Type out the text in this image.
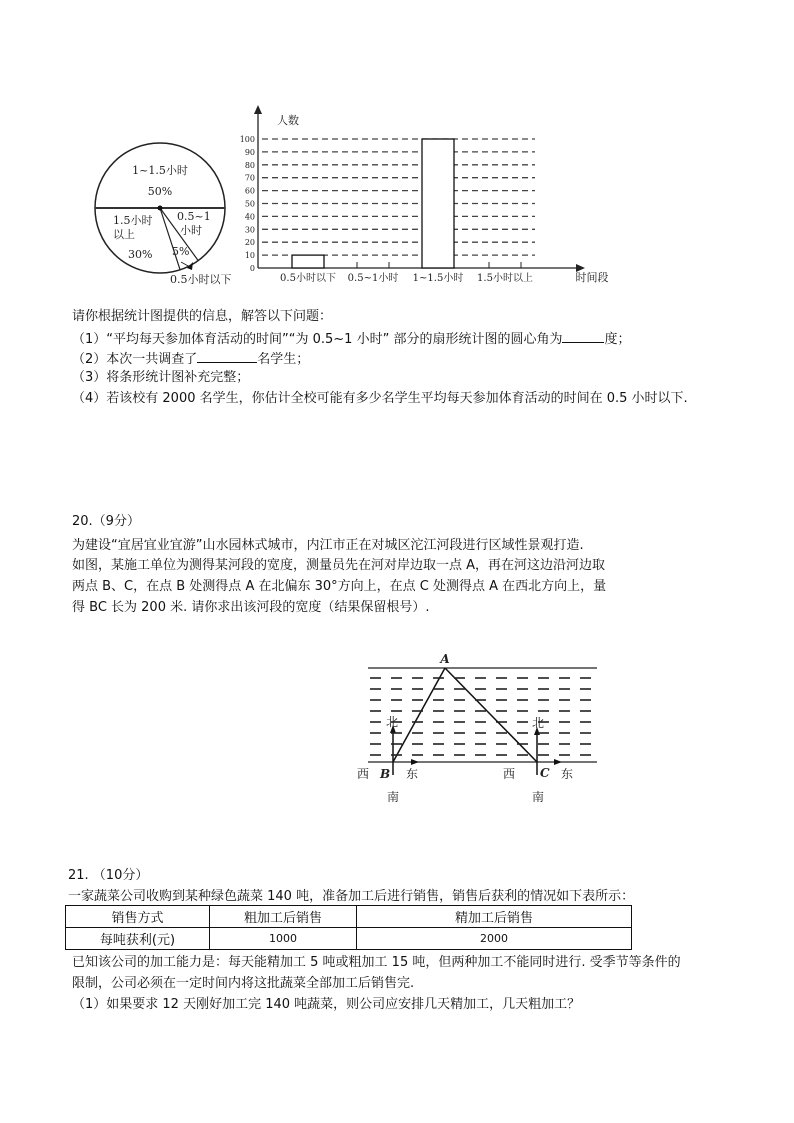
1~1.5小时
50%
1.5小时
以上
30%
0.5~1
小时
5%
0.5小时以下
人数
时间段
0
10
20
30
40
50
60
70
80
90
100
0.5小时以下 0.5~1小时 1~1.5小时 1.5小时以上
A
B	C
北	北
西	西
东	东
南	南
请你根据统计图提供的信息，解答以下问题：
（1）“平均每天参加体育活动的时间”“为 0.5~1 小时” 部分的扇形统计图的圆心角为	度；
（2）本次一共调查了	名学生；
（3）将条形统计图补充完整；
（4）若该校有 2000 名学生，你估计全校可能有多少名学生平均每天参加体育活动的时间在 0.5 小时以下.
20.（9分）
为建设“宜居宜业宜游”山水园林式城市，内江市正在对城区沱江河段进行区域性景观打造.
如图，某施工单位为测得某河段的宽度，测量员先在河对岸边取一点 A，再在河这边沿河边取
两点 B、C，在点 B 处测得点 A 在北偏东 30°方向上，在点 C 处测得点 A 在西北方向上，量
得 BC 长为 200 米. 请你求出该河段的宽度（结果保留根号）.
21. （10分）
一家蔬菜公司收购到某种绿色蔬菜 140 吨，准备加工后进行销售，销售后获利的情况如下表所示：
销售方式	粗加工后销售	精加工后销售
每吨获利(元)	1000	2000
已知该公司的加工能力是：每天能精加工 5 吨或粗加工 15 吨，但两种加工不能同时进行. 受季节等条件的
限制，公司必须在一定时间内将这批蔬菜全部加工后销售完.
（1）如果要求 12 天刚好加工完 140 吨蔬菜，则公司应安排几天精加工，几天粗加工？
